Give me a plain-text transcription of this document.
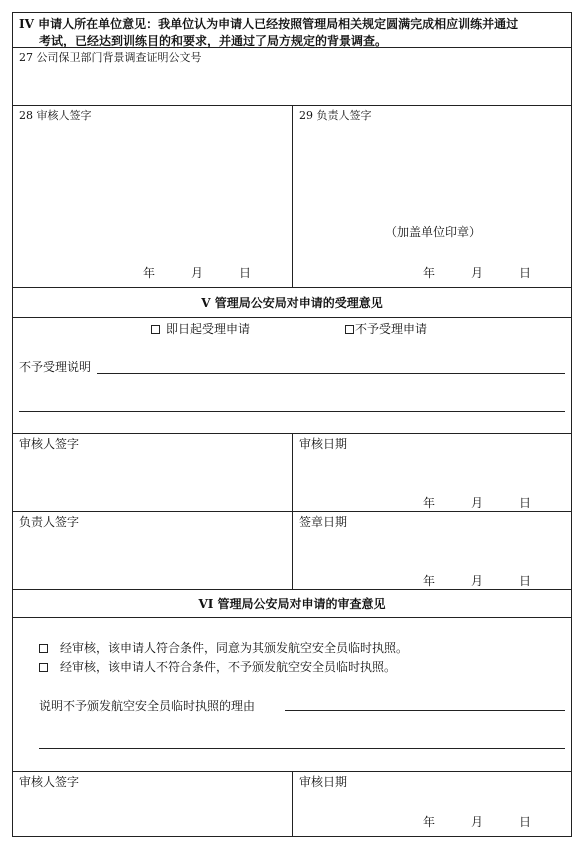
IV 申请人所在单位意见：我单位认为申请人已经按照管理局相关规定圆满完成相应训练并通过
考试，已经达到训练目的和要求，并通过了局方规定的背景调查。
27 公司保卫部门背景调查证明公文号
28 审核人签字	29 负责人签字
（加盖单位印章）
年	月	日	年	月	日
V 管理局公安局对申请的受理意见
即日起受理申请	不予受理申请
不予受理说明
审核人签字	审核日期
年	月	日
负责人签字	签章日期
年	月	日
VI 管理局公安局对申请的审查意见
经审核，该申请人符合条件，同意为其颁发航空安全员临时执照。
经审核，该申请人不符合条件，不予颁发航空安全员临时执照。
说明不予颁发航空安全员临时执照的理由
审核人签字	审核日期
年	月	日
